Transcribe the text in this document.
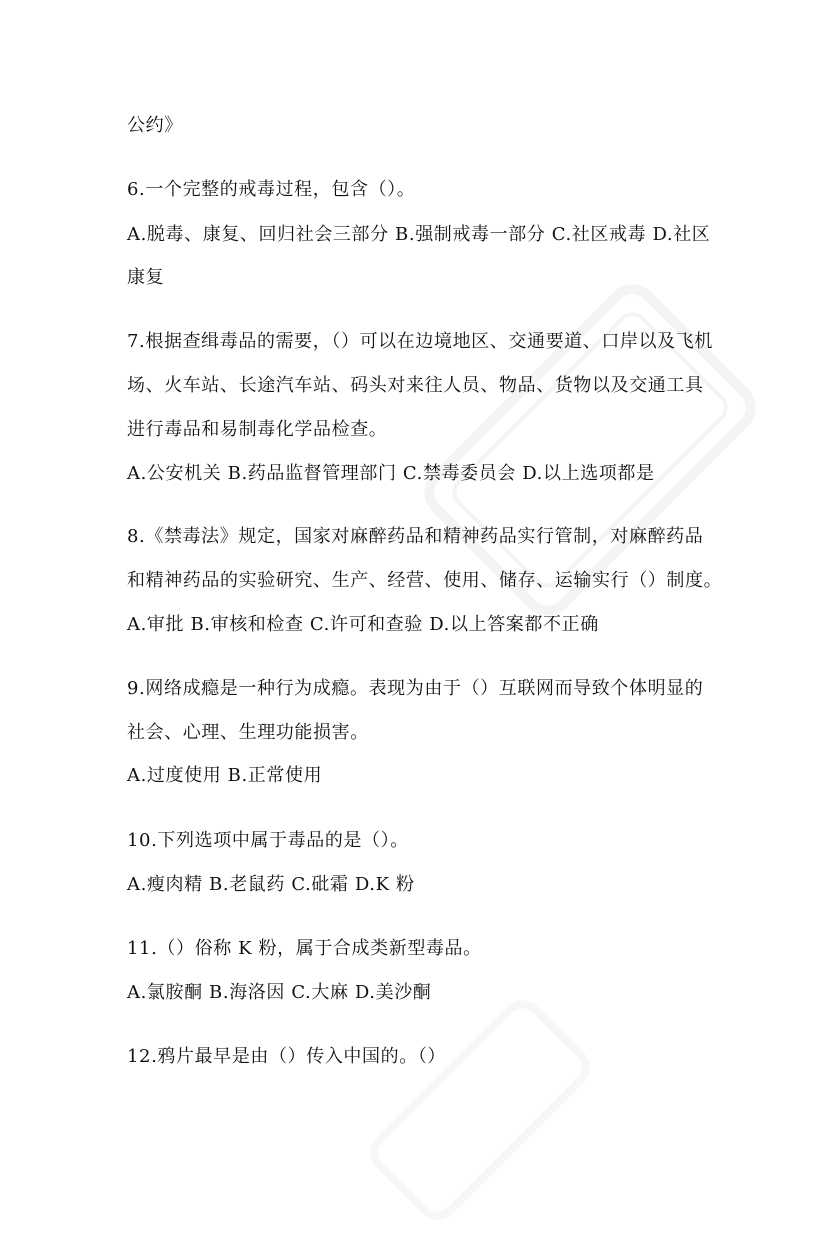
公约》
6.一个完整的戒毒过程，包含（）。
A.脱毒、康复、回归社会三部分 B.强制戒毒一部分 C.社区戒毒 D.社区
康复
7.根据查缉毒品的需要，（）可以在边境地区、交通要道、口岸以及飞机
场、火车站、长途汽车站、码头对来往人员、物品、货物以及交通工具
进行毒品和易制毒化学品检查。
A.公安机关 B.药品监督管理部门 C.禁毒委员会 D.以上选项都是
8.《禁毒法》规定，国家对麻醉药品和精神药品实行管制，对麻醉药品
和精神药品的实验研究、生产、经营、使用、储存、运输实行（）制度。
A.审批 B.审核和检查 C.许可和查验 D.以上答案都不正确
9.网络成瘾是一种行为成瘾。表现为由于（）互联网而导致个体明显的
社会、心理、生理功能损害。
A.过度使用 B.正常使用
10.下列选项中属于毒品的是（）。
A.瘦肉精 B.老鼠药 C.砒霜 D.K 粉
11.（）俗称 K 粉，属于合成类新型毒品。
A.氯胺酮 B.海洛因 C.大麻 D.美沙酮
12.鸦片最早是由（）传入中国的。（）
